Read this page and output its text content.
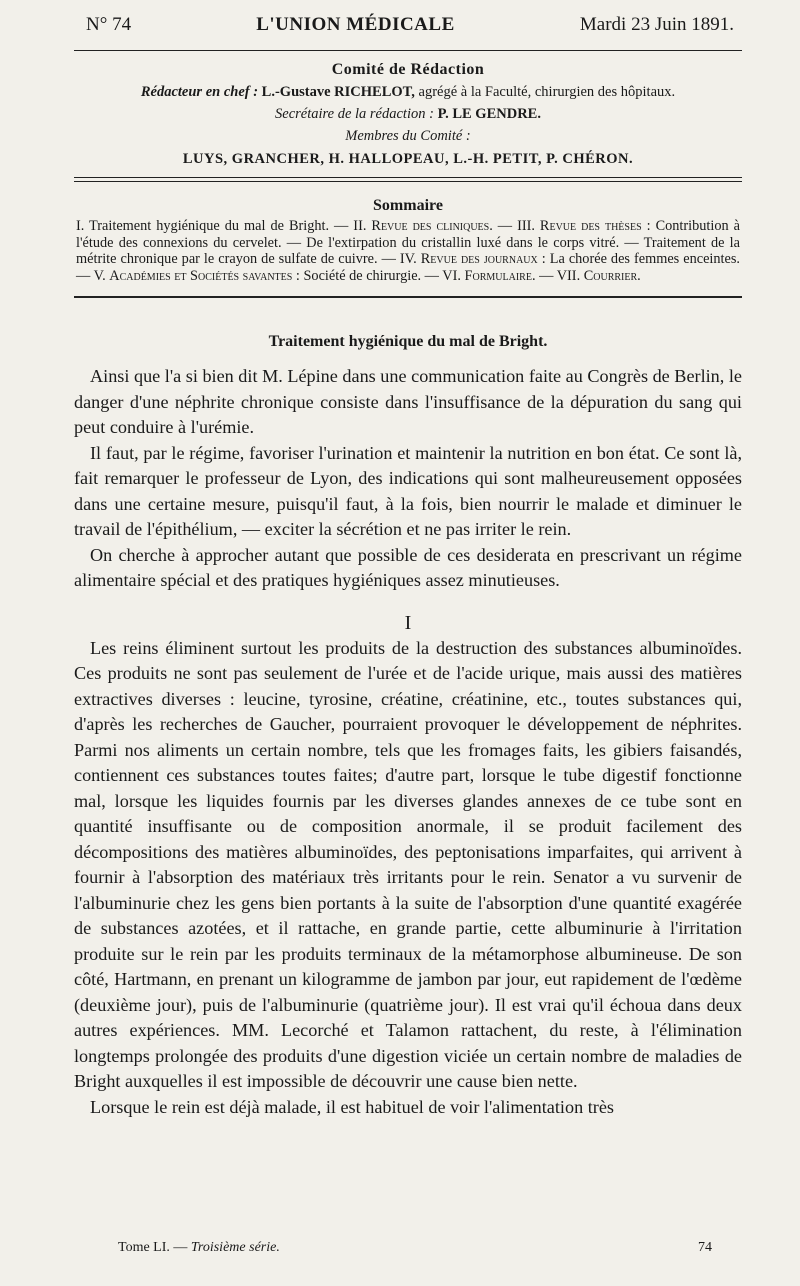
N° 74	L'UNION MÉDICALE	Mardi 23 Juin 1891.
Comité de Rédaction
Rédacteur en chef : L.-Gustave RICHELOT, agrégé à la Faculté, chirurgien des hôpitaux.
Secrétaire de la rédaction : P. LE GENDRE.
Membres du Comité :
LUYS, GRANCHER, H. HALLOPEAU, L.-H. PETIT, P. CHÉRON.
Sommaire
I. Traitement hygiénique du mal de Bright. — II. Revue des cliniques. — III. Revue des thèses : Contribution à l'étude des connexions du cervelet. — De l'extirpation du cristallin luxé dans le corps vitré. — Traitement de la métrite chronique par le crayon de sulfate de cuivre. — IV. Revue des journaux : La chorée des femmes enceintes. — V. Académies et Sociétés savantes : Société de chirurgie. — VI. Formulaire. — VII. Courrier.
Traitement hygiénique du mal de Bright.

Ainsi que l'a si bien dit M. Lépine dans une communication faite au Congrès de Berlin, le danger d'une néphrite chronique consiste dans l'insuffisance de la dépuration du sang qui peut conduire à l'urémie.

Il faut, par le régime, favoriser l'urination et maintenir la nutrition en bon état. Ce sont là, fait remarquer le professeur de Lyon, des indications qui sont malheureusement opposées dans une certaine mesure, puisqu'il faut, à la fois, bien nourrir le malade et diminuer le travail de l'épithélium, — exciter la sécrétion et ne pas irriter le rein.

On cherche à approcher autant que possible de ces desiderata en prescrivant un régime alimentaire spécial et des pratiques hygiéniques assez minutieuses.

I

Les reins éliminent surtout les produits de la destruction des substances albuminoïdes. Ces produits ne sont pas seulement de l'urée et de l'acide urique, mais aussi des matières extractives diverses : leucine, tyrosine, créatine, créatinine, etc., toutes substances qui, d'après les recherches de Gaucher, pourraient provoquer le développement de néphrites. Parmi nos aliments un certain nombre, tels que les fromages faits, les gibiers faisandés, contiennent ces substances toutes faites; d'autre part, lorsque le tube digestif fonctionne mal, lorsque les liquides fournis par les diverses glandes annexes de ce tube sont en quantité insuffisante ou de composition anormale, il se produit facilement des décompositions des matières albuminoïdes, des peptonisations imparfaites, qui arrivent à fournir à l'absorption des matériaux très irritants pour le rein. Senator a vu survenir de l'albuminurie chez les gens bien portants à la suite de l'absorption d'une quantité exagérée de substances azotées, et il rattache, en grande partie, cette albuminurie à l'irritation produite sur le rein par les produits terminaux de la métamorphose albumineuse. De son côté, Hartmann, en prenant un kilogramme de jambon par jour, eut rapidement de l'œdème (deuxième jour), puis de l'albuminurie (quatrième jour). Il est vrai qu'il échoua dans deux autres expériences. MM. Lecorché et Talamon rattachent, du reste, à l'élimination longtemps prolongée des produits d'une digestion viciée un certain nombre de maladies de Bright auxquelles il est impossible de découvrir une cause bien nette.

Lorsque le rein est déjà malade, il est habituel de voir l'alimentation très

Tome LI. — Troisième série.	74
